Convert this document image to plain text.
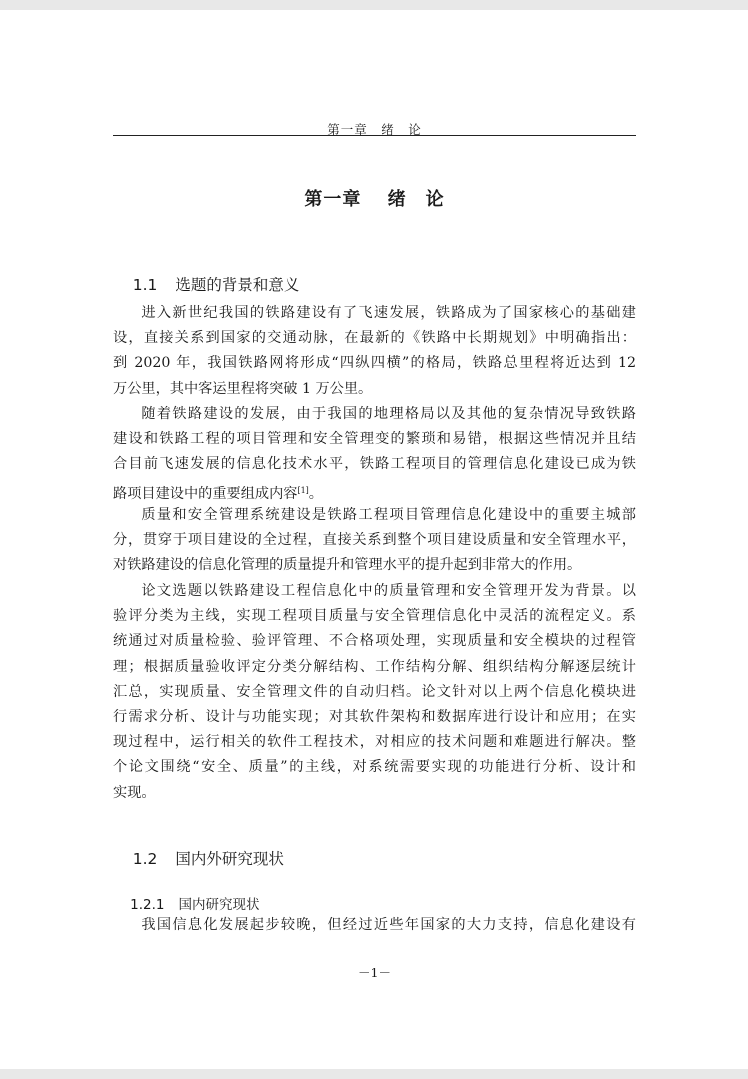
第一章　绪　论
第一章　 绪　论

1.1 选题的背景和意义

进入新世纪我国的铁路建设有了飞速发展，铁路成为了国家核心的基础建
设，直接关系到国家的交通动脉，在最新的《铁路中长期规划》中明确指出：
到 2020 年，我国铁路网将形成“四纵四横”的格局，铁路总里程将近达到 12
万公里，其中客运里程将突破 1 万公里。
随着铁路建设的发展，由于我国的地理格局以及其他的复杂情况导致铁路
建设和铁路工程的项目管理和安全管理变的繁琐和易错，根据这些情况并且结
合目前飞速发展的信息化技术水平，铁路工程项目的管理信息化建设已成为铁
路项目建设中的重要组成内容[1]。
质量和安全管理系统建设是铁路工程项目管理信息化建设中的重要主城部
分，贯穿于项目建设的全过程，直接关系到整个项目建设质量和安全管理水平，
对铁路建设的信息化管理的质量提升和管理水平的提升起到非常大的作用。
论文选题以铁路建设工程信息化中的质量管理和安全管理开发为背景。以
验评分类为主线，实现工程项目质量与安全管理信息化中灵活的流程定义。系
统通过对质量检验、验评管理、不合格项处理，实现质量和安全模块的过程管
理；根据质量验收评定分类分解结构、工作结构分解、组织结构分解逐层统计
汇总，实现质量、安全管理文件的自动归档。论文针对以上两个信息化模块进
行需求分析、设计与功能实现；对其软件架构和数据库进行设计和应用；在实
现过程中，运行相关的软件工程技术，对相应的技术问题和难题进行解决。整
个论文围绕“安全、质量”的主线，对系统需要实现的功能进行分析、设计和
实现。

1.2 国内外研究现状

1.2.1 国内研究现状

我国信息化发展起步较晚，但经过近些年国家的大力支持，信息化建设有
－1－
